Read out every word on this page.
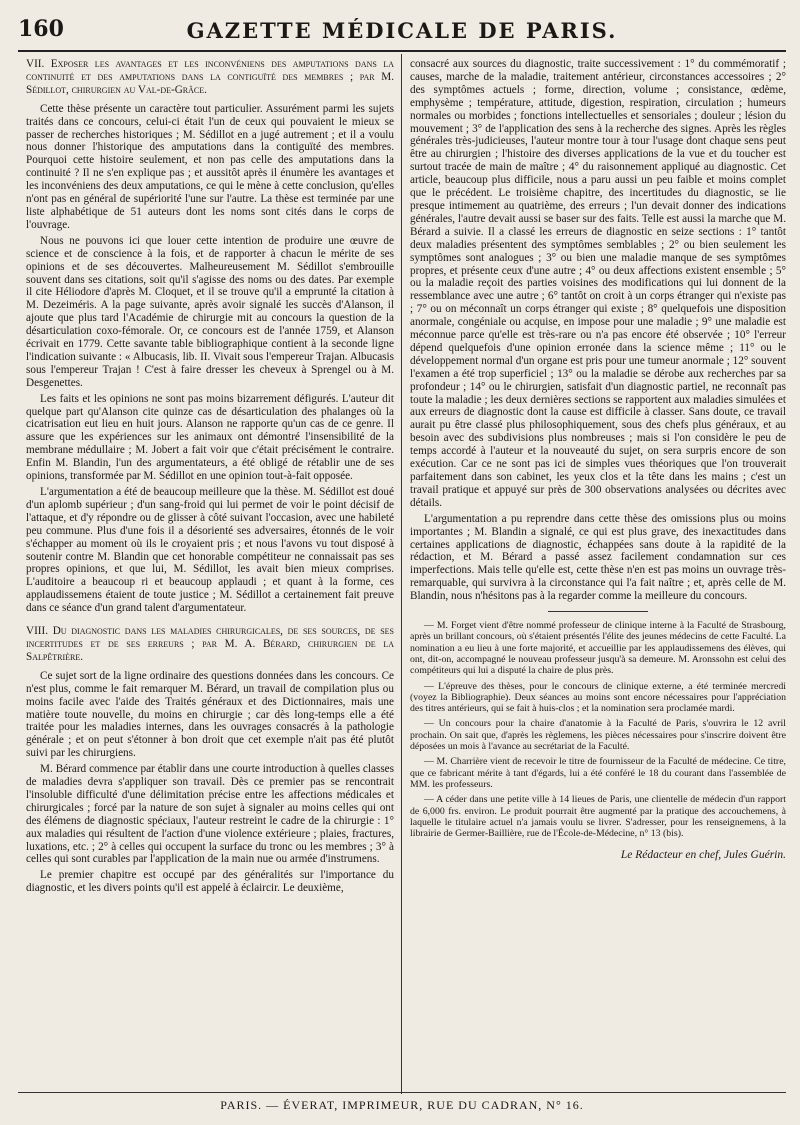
160	GAZETTE MÉDICALE DE PARIS.

VII. Exposer les avantages et les inconvéniens des amputations dans la continuité et des amputations dans la contiguïté des membres ; par M. Sédillot, chirurgien au Val-de-Grâce.

Cette thèse présente un caractère tout particulier. Assurément parmi les sujets traités dans ce concours, celui-ci était l'un de ceux qui pouvaient le mieux se passer de recherches historiques ; M. Sédillot en a jugé autrement ; et il a voulu nous donner l'historique des amputations dans la contiguïté des membres. Pourquoi cette histoire seulement, et non pas celle des amputations dans la continuité ? Il ne s'en explique pas ; et aussitôt après il énumère les avantages et les inconvéniens des deux amputations, ce qui le mène à cette conclusion, qu'elles n'ont pas en général de supériorité l'une sur l'autre. La thèse est terminée par une liste alphabétique de 51 auteurs dont les noms sont cités dans le corps de l'ouvrage.

Nous ne pouvons ici que louer cette intention de produire une œuvre de science et de conscience à la fois, et de rapporter à chacun le mérite de ses opinions et de ses découvertes. Malheureusement M. Sédillot s'embrouille souvent dans ses citations, soit qu'il s'agisse des noms ou des dates. Par exemple il cite Héliodore d'après M. Cloquet, et il se trouve qu'il a emprunté la citation à M. Dezeiméris. A la page suivante, après avoir signalé les succès d'Alanson, il ajoute que plus tard l'Académie de chirurgie mit au concours la question de la désarticulation coxo-fémorale. Or, ce concours est de l'année 1759, et Alanson écrivait en 1779. Cette savante table bibliographique contient à la seconde ligne l'indication suivante : « Albucasis, lib. II. Vivait sous l'empereur Trajan. Albucasis sous l'empereur Trajan ! C'est à faire dresser les cheveux à Sprengel ou à M. Desgenettes.

Les faits et les opinions ne sont pas moins bizarrement défigurés. L'auteur dit quelque part qu'Alanson cite quinze cas de désarticulation des phalanges où la cicatrisation eut lieu en huit jours. Alanson ne rapporte qu'un cas de ce genre. Il assure que les expériences sur les animaux ont démontré l'insensibilité de la membrane médullaire ; M. Jobert a fait voir que c'était précisément le contraire. Enfin M. Blandin, l'un des argumentateurs, a été obligé de rétablir une de ses opinions, transformée par M. Sédillot en une opinion tout-à-fait opposée.

L'argumentation a été de beaucoup meilleure que la thèse. M. Sédillot est doué d'un aplomb supérieur ; d'un sang-froid qui lui permet de voir le point décisif de l'attaque, et d'y répondre ou de glisser à côté suivant l'occasion, avec une habileté peu commune. Plus d'une fois il a désorienté ses adversaires, étonnés de le voir s'échapper au moment où ils le croyaient pris ; et nous l'avons vu tout disposé à soutenir contre M. Blandin que cet honorable compétiteur ne connaissait pas ses propres opinions, et que lui, M. Sédillot, les avait bien mieux comprises. L'auditoire a beaucoup ri et beaucoup applaudi ; et quant à la forme, ces applaudissemens étaient de toute justice ; M. Sédillot a certainement fait preuve dans ce séance d'un grand talent d'argumentateur.

VIII. Du diagnostic dans les maladies chirurgicales, de ses sources, de ses incertitudes et de ses erreurs ; par M. A. Bérard, chirurgien de la Salpêtrière.

Ce sujet sort de la ligne ordinaire des questions données dans les concours. Ce n'est plus, comme le fait remarquer M. Bérard, un travail de compilation plus ou moins facile avec l'aide des Traités généraux et des Dictionnaires, mais une matière toute nouvelle, du moins en chirurgie ; car dès long-temps elle a été traitée pour les maladies internes, dans les ouvrages consacrés à la pathologie générale ; et on peut s'étonner à bon droit que cet exemple n'ait pas été plutôt suivi par les chirurgiens.

M. Bérard commence par établir dans une courte introduction à quelles classes de maladies devra s'appliquer son travail. Dès ce premier pas se rencontrait l'insoluble difficulté d'une délimitation précise entre les affections médicales et chirurgicales ; forcé par la nature de son sujet à signaler au moins celles qui ont des élémens de diagnostic spéciaux, l'auteur restreint le cadre de la chirurgie : 1° aux maladies qui résultent de l'action d'une violence extérieure ; plaies, fractures, luxations, etc. ; 2° à celles qui occupent la surface du tronc ou les membres ; 3° à celles qui sont curables par l'application de la main nue ou armée d'instrumens.

Le premier chapitre est occupé par des généralités sur l'importance du diagnostic, et les divers points qu'il est appelé à éclaircir. Le deuxième,

consacré aux sources du diagnostic, traite successivement : 1° du commémoratif ; causes, marche de la maladie, traitement antérieur, circonstances accessoires ; 2° des symptômes actuels ; forme, direction, volume ; consistance, œdème, emphysème ; température, attitude, digestion, respiration, circulation ; humeurs normales ou morbides ; fonctions intellectuelles et sensoriales ; douleur ; lésion du mouvement ; 3° de l'application des sens à la recherche des signes. Après les règles générales très-judicieuses, l'auteur montre tour à tour l'usage dont chaque sens peut être au chirurgien ; l'histoire des diverses applications de la vue et du toucher est surtout tracée de main de maître ; 4° du raisonnement appliqué au diagnostic. Cet article, beaucoup plus difficile, nous a paru aussi un peu faible et moins complet que le précédent. Le troisième chapitre, des incertitudes du diagnostic, se lie presque intimement au quatrième, des erreurs ; l'un devait donner des indications générales, l'autre devait aussi se baser sur des faits. Telle est aussi la marche que M. Bérard a suivie. Il a classé les erreurs de diagnostic en seize sections : 1° tantôt deux maladies présentent des symptômes semblables ; 2° ou bien seulement les symptômes sont analogues ; 3° ou bien une maladie manque de ses symptômes propres, et présente ceux d'une autre ; 4° ou deux affections existent ensemble ; 5° ou la maladie reçoit des parties voisines des modifications qui lui donnent de la ressemblance avec une autre ; 6° tantôt on croit à un corps étranger qui n'existe pas ; 7° ou on méconnaît un corps étranger qui existe ; 8° quelquefois une disposition anormale, congéniale ou acquise, en impose pour une maladie ; 9° une maladie est méconnue parce qu'elle est très-rare ou n'a pas encore été observée ; 10° l'erreur dépend quelquefois d'une opinion erronée dans la science même ; 11° ou le développement normal d'un organe est pris pour une tumeur anormale ; 12° souvent l'examen a été trop superficiel ; 13° ou la maladie se dérobe aux recherches par sa profondeur ; 14° ou le chirurgien, satisfait d'un diagnostic partiel, ne reconnaît pas toute la maladie ; les deux dernières sections se rapportent aux maladies simulées et aux erreurs de diagnostic dont la cause est difficile à classer. Sans doute, ce travail aurait pu être classé plus philosophiquement, sous des chefs plus généraux, et au besoin avec des subdivisions plus nombreuses ; mais si l'on considère le peu de temps accordé à l'auteur et la nouveauté du sujet, on sera surpris encore de son exécution. Car ce ne sont pas ici de simples vues théoriques que l'on trouverait parfaitement dans son cabinet, les yeux clos et la tête dans les mains ; c'est un travail pratique et appuyé sur près de 300 observations analysées ou décrites avec détails.

L'argumentation a pu reprendre dans cette thèse des omissions plus ou moins importantes ; M. Blandin a signalé, ce qui est plus grave, des inexactitudes dans certaines applications de diagnostic, échappées sans doute à la rapidité de la rédaction, et M. Bérard a passé assez facilement condamnation sur ces imperfections. Mais telle qu'elle est, cette thèse n'en est pas moins un ouvrage très-remarquable, qui survivra à la circonstance qui l'a fait naître ; et, après celle de M. Blandin, nous n'hésitons pas à la regarder comme la meilleure du concours.

— M. Forget vient d'être nommé professeur de clinique interne à la Faculté de Strasbourg, après un brillant concours, où s'étaient présentés l'élite des jeunes médecins de cette Faculté. La nomination a eu lieu à une forte majorité, et accueillie par les applaudissemens des élèves, qui ont, dit-on, accompagné le nouveau professeur jusqu'à sa demeure. M. Aronssohn est celui des compétiteurs qui lui a disputé la chaire de plus près.

— L'épreuve des thèses, pour le concours de clinique externe, a été terminée mercredi (voyez la Bibliographie). Deux séances au moins sont encore nécessaires pour l'appréciation des titres antérieurs, qui se fait à huis-clos ; et la nomination sera proclamée mardi.

— Un concours pour la chaire d'anatomie à la Faculté de Paris, s'ouvrira le 12 avril prochain. On sait que, d'après les règlemens, les pièces nécessaires pour s'inscrire doivent être déposées un mois à l'avance au secrétariat de la Faculté.

— M. Charrière vient de recevoir le titre de fournisseur de la Faculté de médecine. Ce titre, que ce fabricant mérite à tant d'égards, lui a été conféré le 18 du courant dans l'assemblée de MM. les professeurs.

— A céder dans une petite ville à 14 lieues de Paris, une clientelle de médecin d'un rapport de 6,000 frs. environ. Le produit pourrait être augmenté par la pratique des accouchemens, à laquelle le titulaire actuel n'a jamais voulu se livrer. S'adresser, pour les renseignemens, à la librairie de Germer-Baillière, rue de l'École-de-Médecine, n° 13 (bis).

Le Rédacteur en chef, Jules Guérin.
PARIS. — ÉVERAT, IMPRIMEUR, RUE DU CADRAN, N° 16.
